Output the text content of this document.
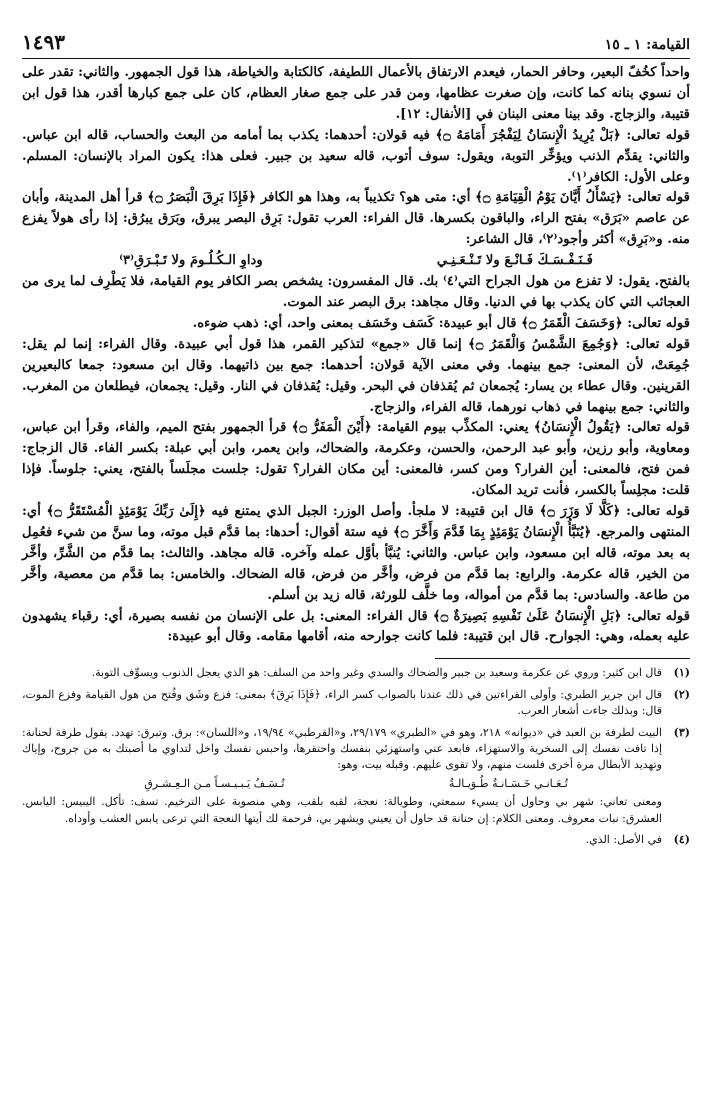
القيامة: ١ ـ ١٥
١٤٩٣

واحداً كخُفّ البعير، وحافر الحمار، فيعدم الارتفاق بالأعمال اللطيفة، كالكتابة والخياطة، هذا قول الجمهور. والثاني: تقدر على أن نسوي بنانه كما كانت، وإن صغرت عظامها، ومن قدر على جمع صغار العظام، كان على جمع كبارها أقدر، هذا قول ابن قتيبة، والزجاج. وقد بينا معنى البنان في [الأنفال: ١٢].

قوله تعالى: ﴿بَلْ يُرِيدُ الْإِنسَانُ لِيَفْجُرَ أَمَامَهُ ۝﴾ فيه قولان: أحدهما: يكذب بما أمامه من البعث والحساب، قاله ابن عباس. والثاني: يقدِّم الذنب ويؤخِّر التوبة، ويقول: سوف أتوب، قاله سعيد بن جبير. فعلى هذا: يكون المراد بالإنسان: المسلم. وعلى الأول: الكافر⁽١⁾.

قوله تعالى: ﴿يَسْأَلُ أَيَّانَ يَوْمُ الْقِيَامَةِ ۝﴾ أي: متى هو؟ تكذيباً به، وهذا هو الكافر ﴿فَإِذَا بَرِقَ الْبَصَرُ ۝﴾ قرأ أهل المدينة، وأبان عن عاصم «بَرَق» بفتح الراء، والباقون بكسرها. قال الفراء: العرب تقول: بَرِق البصر يبرق، وبَرَق يبرُق: إذا رأى هولاً يفزع منه. و«بَرِق» أكثر وأجود⁽٢⁾، قال الشاعر:

فَـنَـفْـسَـكَ فَـانْـعَ ولا تَـنْـعَـنِـي
وداوِ الـكُـلُـومَ ولا تَـبْـرَقِ⁽٣⁾

بالفتح. يقول: لا تفزع من هول الجراح التي⁽٤⁾ بك. قال المفسرون: يشخص بصر الكافر يوم القيامة، فلا يَطْرِف لما يرى من العجائب التي كان يكذب بها في الدنيا. وقال مجاهد: برق البصر عند الموت.

قوله تعالى: ﴿وَخَسَفَ الْقَمَرُ ۝﴾ قال أبو عبيدة: كَسَف وخَسَف بمعنى واحد، أي: ذهب ضوءه.

قوله تعالى: ﴿وَجُمِعَ الشَّمْسُ وَالْقَمَرُ ۝﴾ إنما قال «جمع» لتذكير القمر، هذا قول أبي عبيدة. وقال الفراء: إنما لم يقل: جُمِعَتْ، لأن المعنى: جمع بينهما. وفي معنى الآية قولان: أحدهما: جمع بين ذاتيهما. وقال ابن مسعود: جمعا كالبعيرين القرينين. وقال عطاء بن يسار: يُجمعان ثم يُقذفان في البحر. وقيل: يُقذفان في النار. وقيل: يجمعان، فيطلعان من المغرب. والثاني: جمع بينهما في ذهاب نورهما، قاله الفراء، والزجاج.

قوله تعالى: ﴿يَقُولُ الْإِنسَانُ﴾ يعني: المكذِّب بيوم القيامة: ﴿أَيْنَ الْمَفَرُّ ۝﴾ قرأ الجمهور بفتح الميم، والفاء، وقرأ ابن عباس، ومعاوية، وأبو رزين، وأبو عبد الرحمن، والحسن، وعكرمة، والضحاك، وابن يعمر، وابن أبي عبلة: بكسر الفاء. قال الزجاج: فمن فتح، فالمعنى: أين الفرار؟ ومن كسر، فالمعنى: أين مكان الفرار؟ تقول: جلست مجلَساً بالفتح، يعني: جلوساً. فإذا قلت: مجلِساً بالكسر، فأنت تريد المكان.

قوله تعالى: ﴿كَلَّا لَا وَزَرَ ۝﴾ قال ابن قتيبة: لا ملجأ. وأصل الوزر: الجبل الذي يمتنع فيه ﴿إِلَىٰ رَبِّكَ يَوْمَئِذٍ الْمُسْتَقَرُّ ۝﴾ أي: المنتهى والمرجع. ﴿يُنَبَّأُ الْإِنسَانُ يَوْمَئِذٍ بِمَا قَدَّمَ وَأَخَّرَ ۝﴾ فيه ستة أقوال: أحدها: بما قدَّم قبل موته، وما سنَّ من شيء فعُمِل به بعد موته، قاله ابن مسعود، وابن عباس. والثاني: يُنبَّأ بأوَّل عمله وآخره. قاله مجاهد. والثالث: بما قدَّم من الشَّرِّ، وأخَّر من الخير، قاله عكرمة. والرابع: بما قدَّم من فرض، وأخَّر من فرض، قاله الضحاك. والخامس: بما قدَّم من معصية، وأخَّر من طاعة. والسادس: بما قدَّم من أمواله، وما خلَّف للورثة، قاله زيد بن أسلم.

قوله تعالى: ﴿بَلِ الْإِنسَانُ عَلَىٰ نَفْسِهِ بَصِيرَةٌ ۝﴾ قال الفراء: المعنى: بل على الإنسان من نفسه بصيرة، أي: رقباء يشهدون عليه بعمله، وهي: الجوارح. قال ابن قتيبة: فلما كانت جوارحه منه، أقامها مقامه. وقال أبو عبيدة:

(١)
قال ابن كثير: وروي عن عكرمة وسعيد بن جبير والضحاك والسدي وغير واحد من السلف: هو الذي يعجل الذنوب ويسوِّف التوبة.
(٢)
قال ابن جرير الطبري: وأولى القراءتين في ذلك عندنا بالصواب كسر الراء، ﴿فَإِذَا بَرِقَ﴾ بمعنى: فزع وشَق وفُتح من هول القيامة وفزع الموت، قال: وبذلك جاءت أشعار العرب.
(٣)
البيت لطرفة بن العبد في «ديوانه» ٢١٨، وهو في «الطبري» ٢٩/١٧٩، و«القرطبي» ١٩/٩٤، و«اللسان»: برق. وتبرق: تهدد. يقول طرفة لحنانة: إذا تافت نفسك إلى السخرية والاستهزاء، فابعد عني واستهزئي بنفسك واحتقرها، واحبس نفسك واخل لتداوي ما أصبتك به من جروح، وإياك وتهديد الأبطال مرة أخرى فلست منهم، ولا تقوى عليهم. وقبله بيت، وهو:
تُـعَـانـي خَـسَـانـةُ طُـوَيـالـةُ
تُـسَـفُ يَـبـيـسـاً مـن الـعِـشـرقِ
ومعنى تعاني: شهر بي وحاول أن يسيء سمعتي، وطويالة: نعجة، لقبه بلقب، وهي منصوبة على الترخيم. تسف: تأكل. اليبيس: اليابس. العشرق: نبات معروف. ومعنى الكلام: إن حنانة قد حاول أن يعيني ويشهر بي، فرحمة لك أيتها النعجة التي ترعى يابس العشب وأوداه.
(٤)
في الأصل: الذي.
